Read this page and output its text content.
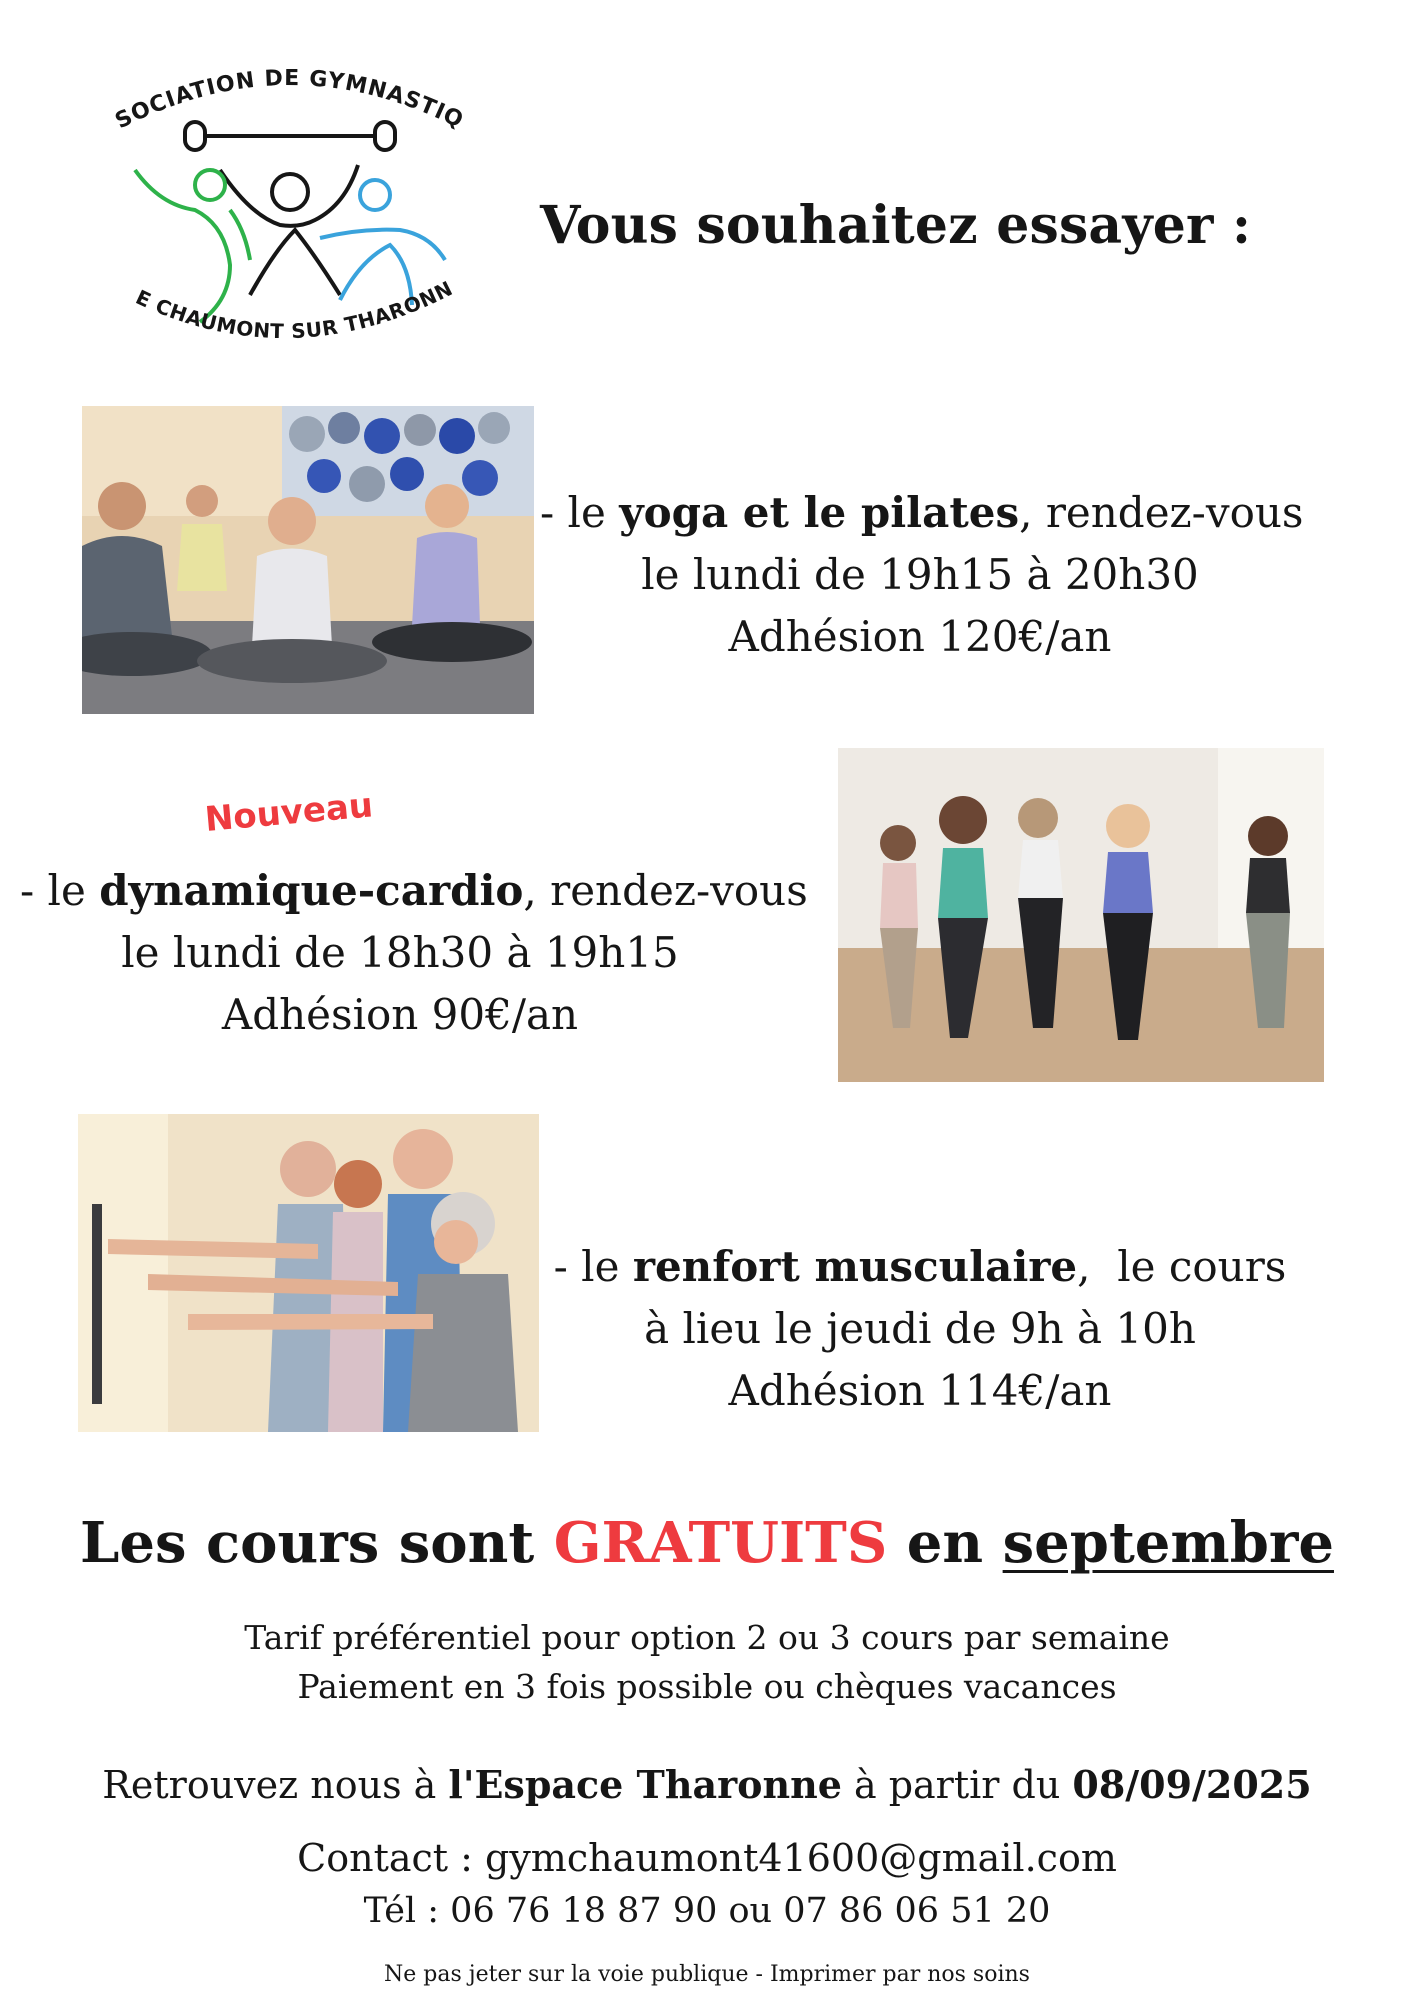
SOCIATION DE GYMNASTIQ
E CHAUMONT SUR THARONN
Vous souhaitez essayer :
- le yoga et le pilates, rendez-vous
le lundi de 19h15 à 20h30
Adhésion 120€/an
Nouveau
- le dynamique-cardio, rendez-vous
le lundi de 18h30 à 19h15
Adhésion 90€/an
- le renfort musculaire,  le cours
à lieu le jeudi de 9h à 10h
Adhésion 114€/an
Les cours sont GRATUITS en septembre
Tarif préférentiel pour option 2 ou 3 cours par semaine
Paiement en 3 fois possible ou chèques vacances
Retrouvez nous à l'Espace Tharonne à partir du 08/09/2025
Contact : gymchaumont41600@gmail.com
Tél : 06 76 18 87 90 ou 07 86 06 51 20
Ne pas jeter sur la voie publique - Imprimer par nos soins
